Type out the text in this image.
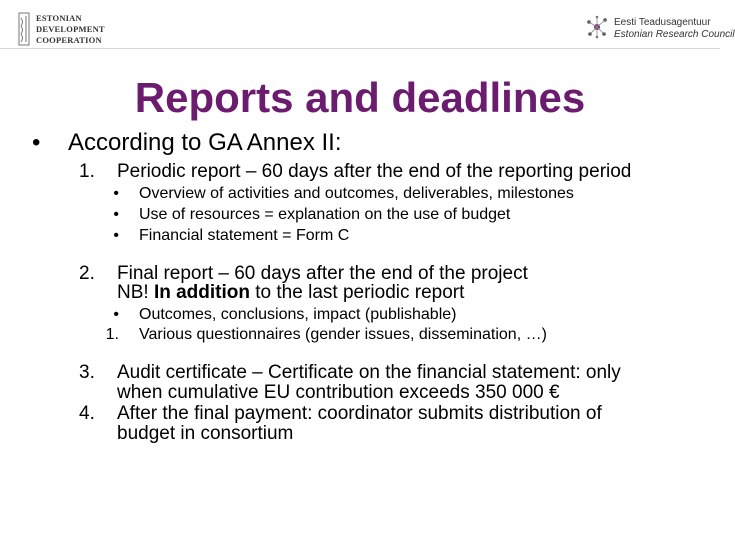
ESTONIAN
DEVELOPMENT
COOPERATION
Eesti Teadusagentuur
Estonian Research Council
Reports and deadlines
• According to GA Annex II:
1. Periodic report – 60 days after the end of the reporting period
• Overview of activities and outcomes, deliverables, milestones
• Use of resources = explanation on the use of budget
• Financial statement = Form C
2. Final report – 60 days after the end of the project
NB! In addition to the last periodic report
• Outcomes, conclusions, impact (publishable)
1. Various questionnaires (gender issues, dissemination, …)
3. Audit certificate – Certificate on the financial statement: only
when cumulative EU contribution exceeds 350 000 €
4. After the final payment: coordinator submits distribution of
budget in consortium
